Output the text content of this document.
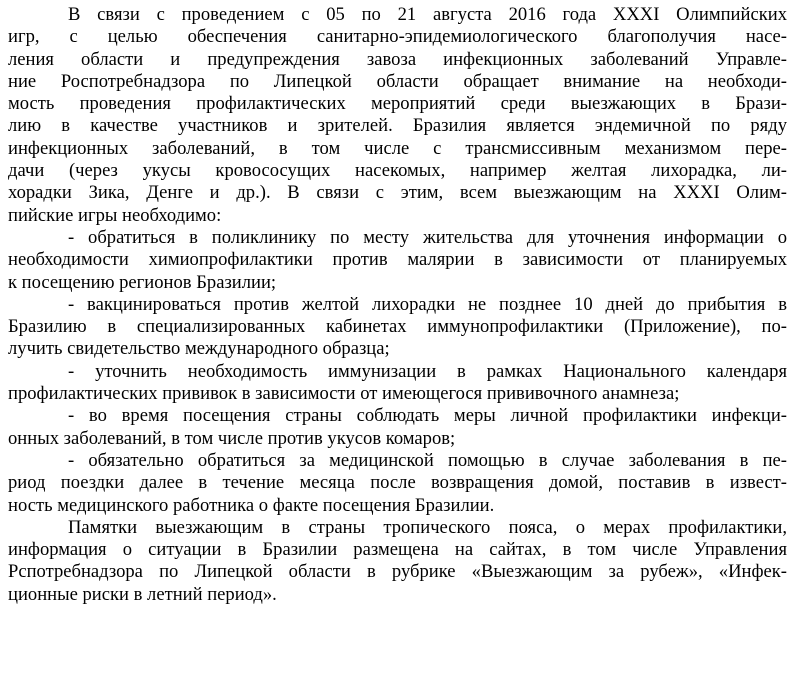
В связи с проведением с 05 по 21 августа 2016 года XXXI Олимпийских
игр, с целью обеспечения санитарно-эпидемиологического благополучия насе-
ления области и предупреждения завоза инфекционных заболеваний Управле-
ние Роспотребнадзора по Липецкой области обращает внимание на необходи-
мость проведения профилактических мероприятий среди выезжающих в Брази-
лию в качестве участников и зрителей. Бразилия является эндемичной по ряду
инфекционных заболеваний, в том числе с трансмиссивным механизмом пере-
дачи (через укусы кровососущих насекомых, например желтая лихорадка, ли-
хорадки Зика, Денге и др.). В связи с этим, всем выезжающим на XXXI Олим-
пийские игры необходимо:
- обратиться в поликлинику по месту жительства для уточнения информации о
необходимости химиопрофилактики против малярии в зависимости от планируемых
к посещению регионов Бразилии;
- вакцинироваться против желтой лихорадки не позднее 10 дней до прибытия в
Бразилию в специализированных кабинетах иммунопрофилактики (Приложение), по-
лучить свидетельство международного образца;
- уточнить необходимость иммунизации в рамках Национального календаря
профилактических прививок в зависимости от имеющегося прививочного анамнеза;
- во время посещения страны соблюдать меры личной профилактики инфекци-
онных заболеваний, в том числе против укусов комаров;
- обязательно обратиться за медицинской помощью в случае заболевания в пе-
риод поездки далее в течение месяца после возвращения домой, поставив в извест-
ность медицинского работника о факте посещения Бразилии.
Памятки выезжающим в страны тропического пояса, о мерах профилактики,
информация о ситуации в Бразилии размещена на сайтах, в том числе Управления
Рспотребнадзора по Липецкой области в рубрике «Выезжающим за рубеж», «Инфек-
ционные риски в летний период».
